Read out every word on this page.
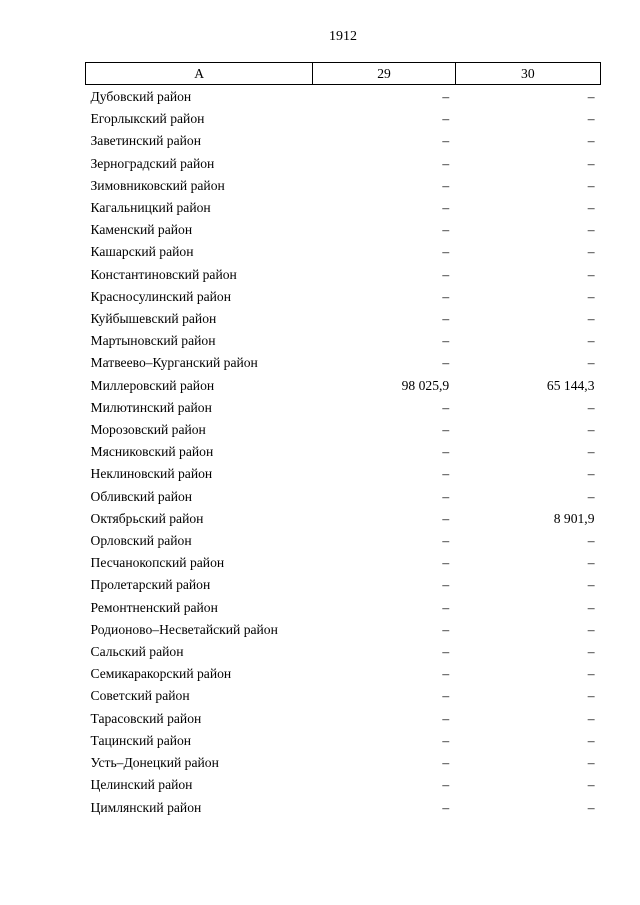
1912
А	29	30
Дубовский район	–	–
Егорлыкский район	–	–
Заветинский район	–	–
Зерноградский район	–	–
Зимовниковский район	–	–
Кагальницкий район	–	–
Каменский район	–	–
Кашарский район	–	–
Константиновский район	–	–
Красносулинский район	–	–
Куйбышевский район	–	–
Мартыновский район	–	–
Матвеево–Курганский район	–	–
Миллеровский район	98 025,9	65 144,3
Милютинский район	–	–
Морозовский район	–	–
Мясниковский район	–	–
Неклиновский район	–	–
Обливский район	–	–
Октябрьский район	–	8 901,9
Орловский район	–	–
Песчанокопский район	–	–
Пролетарский район	–	–
Ремонтненский район	–	–
Родионово–Несветайский район	–	–
Сальский район	–	–
Семикаракорский район	–	–
Советский район	–	–
Тарасовский район	–	–
Тацинский район	–	–
Усть–Донецкий район	–	–
Целинский район	–	–
Цимлянский район	–	–
